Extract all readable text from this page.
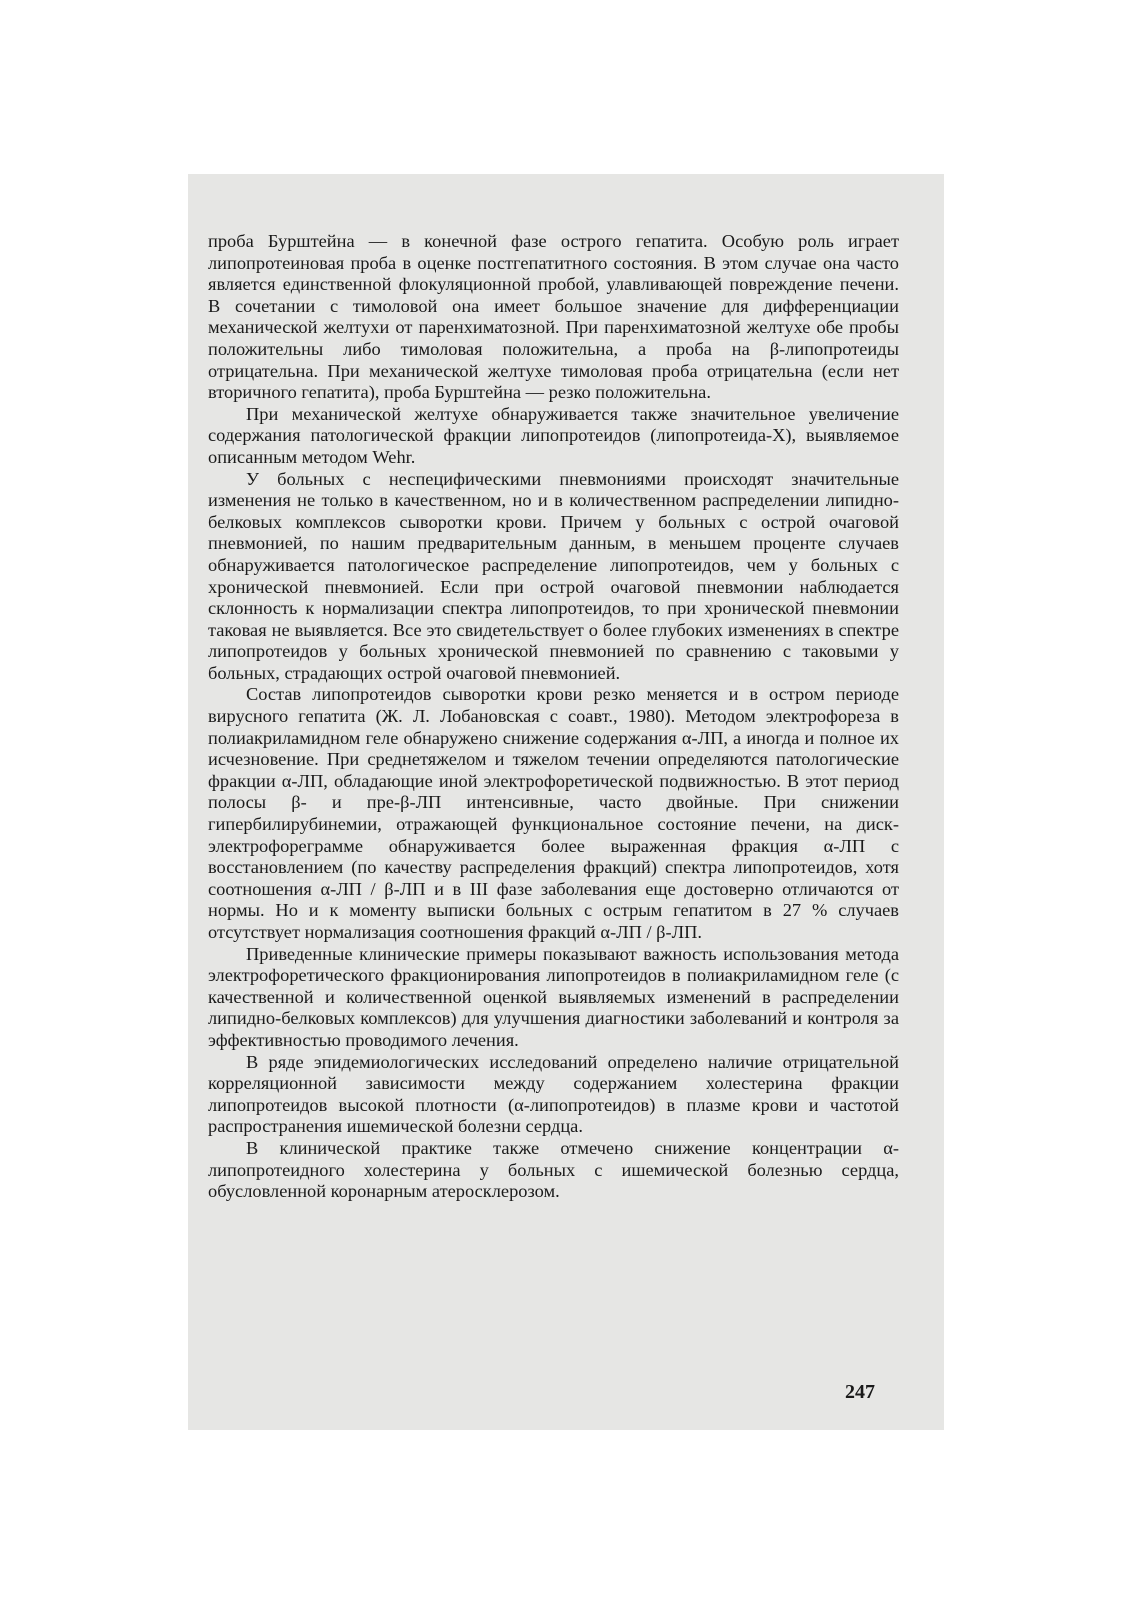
проба Бурштейна — в конечной фазе острого гепатита. Особую роль играет липопротеиновая проба в оценке постгепатитного состояния. В этом случае она часто является единственной флокуляционной пробой, улавливающей повреждение печени. В сочетании с тимоловой она имеет большое значение для дифференциации механической желтухи от паренхиматозной. При паренхиматозной желтухе обе пробы положительны либо тимоловая положительна, а проба на β-липопротеиды отрицательна. При механической желтухе тимоловая проба отрицательна (если нет вторичного гепатита), проба Бурштейна — резко положительна.

При механической желтухе обнаруживается также значительное увеличение содержания патологической фракции липопротеидов (липопротеида-Х), выявляемое описанным методом Wehr.

У больных с неспецифическими пневмониями происходят значительные изменения не только в качественном, но и в количественном распределении липидно-белковых комплексов сыворотки крови. Причем у больных с острой очаговой пневмонией, по нашим предварительным данным, в меньшем проценте случаев обнаруживается патологическое распределение липопротеидов, чем у больных с хронической пневмонией. Если при острой очаговой пневмонии наблюдается склонность к нормализации спектра липопротеидов, то при хронической пневмонии таковая не выявляется. Все это свидетельствует о более глубоких изменениях в спектре липопротеидов у больных хронической пневмонией по сравнению с таковыми у больных, страдающих острой очаговой пневмонией.

Состав липопротеидов сыворотки крови резко меняется и в остром периоде вирусного гепатита (Ж. Л. Лобановская с соавт., 1980). Методом электрофореза в полиакриламидном геле обнаружено снижение содержания α-ЛП, а иногда и полное их исчезновение. При среднетяжелом и тяжелом течении определяются патологические фракции α-ЛП, обладающие иной электрофоретической подвижностью. В этот период полосы β- и пре-β-ЛП интенсивные, часто двойные. При снижении гипербилирубинемии, отражающей функциональное состояние печени, на диск-электрофореграмме обнаруживается более выраженная фракция α-ЛП с восстановлением (по качеству распределения фракций) спектра липопротеидов, хотя соотношения α-ЛП / β-ЛП и в III фазе заболевания еще достоверно отличаются от нормы. Но и к моменту выписки больных с острым гепатитом в 27 % случаев отсутствует нормализация соотношения фракций α-ЛП / β-ЛП.

Приведенные клинические примеры показывают важность использования метода электрофоретического фракционирования липопротеидов в полиакриламидном геле (с качественной и количественной оценкой выявляемых изменений в распределении липидно-белковых комплексов) для улучшения диагностики заболеваний и контроля за эффективностью проводимого лечения.

В ряде эпидемиологических исследований определено наличие отрицательной корреляционной зависимости между содержанием холестерина фракции липопротеидов высокой плотности (α-липопротеидов) в плазме крови и частотой распространения ишемической болезни сердца.

В клинической практике также отмечено снижение концентрации α-липопротеидного холестерина у больных с ишемической болезнью сердца, обусловленной коронарным атеросклерозом.

247
